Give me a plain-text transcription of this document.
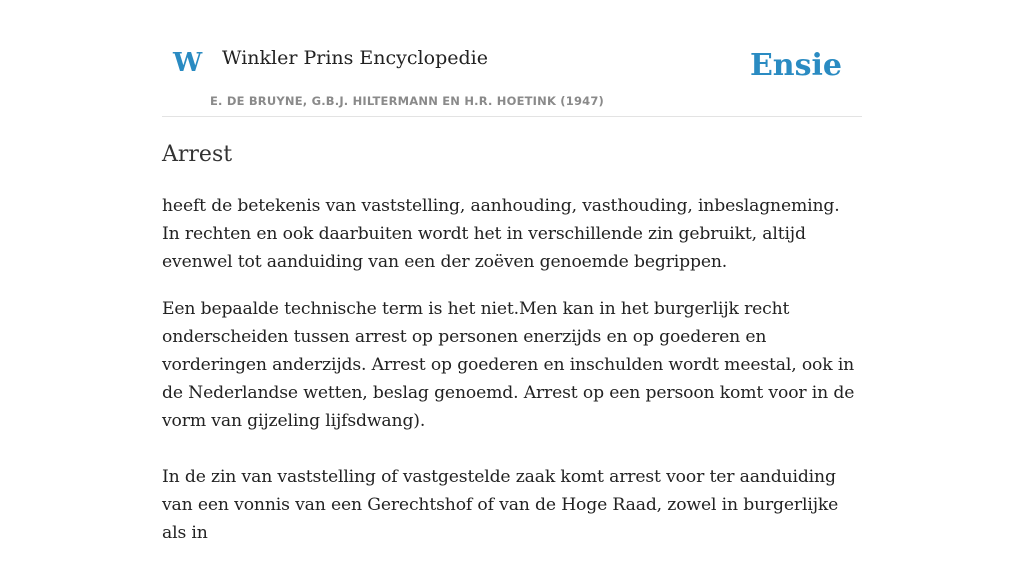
W Winkler Prins Encyclopedie
E. DE BRUYNE, G.B.J. HILTERMANN EN H.R. HOETINK (1947)
Ensie
Arrest

heeft de betekenis van vaststelling, aanhouding, vasthouding, inbeslagneming. In rechten en ook daarbuiten wordt het in verschillende zin gebruikt, altijd evenwel tot aanduiding van een der zoëven genoemde begrippen.

Een bepaalde technische term is het niet.Men kan in het burgerlijk recht onderscheiden tussen arrest op personen enerzijds en op goederen en vorderingen anderzijds. Arrest op goederen en inschulden wordt meestal, ook in de Nederlandse wetten, beslag genoemd. Arrest op een persoon komt voor in de vorm van gijzeling lijfsdwang).

In de zin van vaststelling of vastgestelde zaak komt arrest voor ter aanduiding van een vonnis van een Gerechtshof of van de Hoge Raad, zowel in burgerlijke als in
